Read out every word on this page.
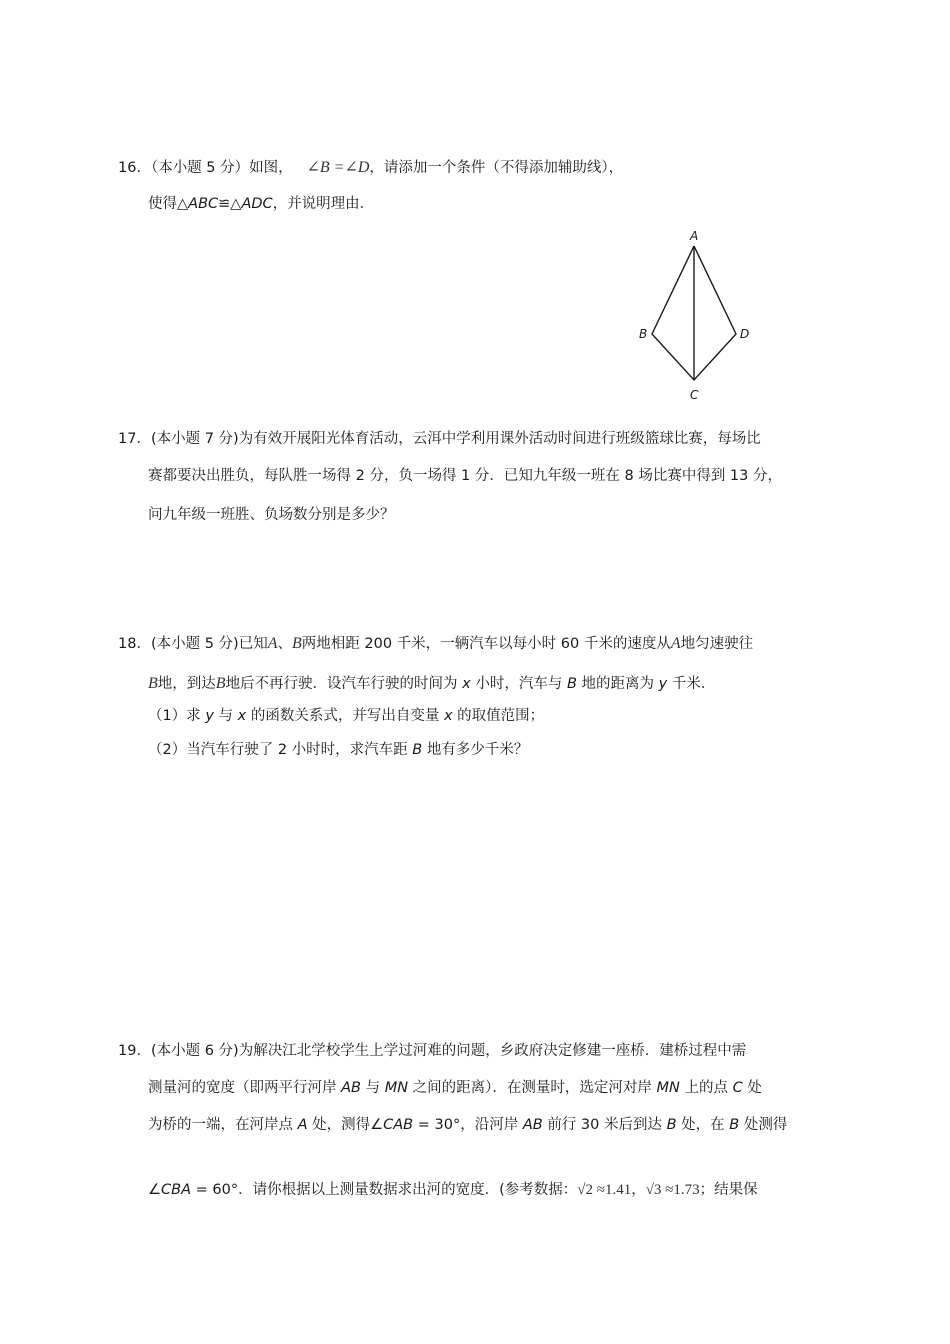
16．（本小题 5 分）如图， ∠B =∠D，请添加一个条件（不得添加辅助线），
使得△ABC≌△ADC，并说明理由．
A
B
C
D
17．(本小题 7 分)为有效开展阳光体育活动，云洱中学利用课外活动时间进行班级篮球比赛，每场比
赛都要决出胜负，每队胜一场得 2 分，负一场得 1 分．已知九年级一班在 8 场比赛中得到 13 分，
问九年级一班胜、负场数分别是多少？
18．(本小题 5 分)已知A、B两地相距 200 千米，一辆汽车以每小时 60 千米的速度从A地匀速驶往
B地，到达B地后不再行驶．设汽车行驶的时间为 x 小时，汽车与 B 地的距离为 y 千米．
（1）求 y 与 x 的函数关系式，并写出自变量 x 的取值范围；
（2）当汽车行驶了 2 小时时，求汽车距 B 地有多少千米？
19．(本小题 6 分)为解决江北学校学生上学过河难的问题，乡政府决定修建一座桥．建桥过程中需
测量河的宽度（即两平行河岸 AB 与 MN 之间的距离）．在测量时，选定河对岸 MN 上的点 C 处
为桥的一端，在河岸点 A 处，测得∠CAB = 30°，沿河岸 AB 前行 30 米后到达 B 处，在 B 处测得
∠CBA = 60°．请你根据以上测量数据求出河的宽度．(参考数据：√2 ≈1.41，√3 ≈1.73；结果保
